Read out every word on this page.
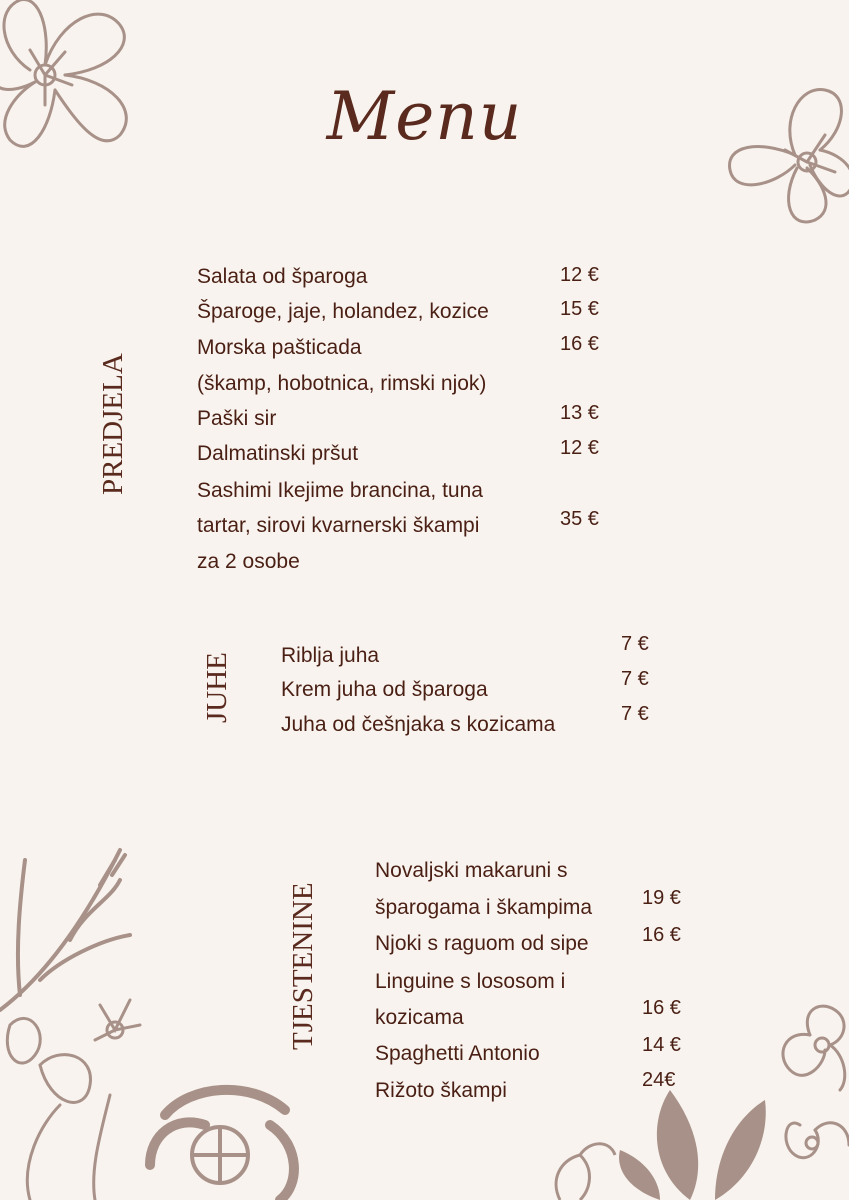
Menu
PREDJELA
Salata od šparoga	12 €
Šparoge, jaje, holandez, kozice	15 €
Morska pašticada
(škamp, hobotnica, rimski njok)
16 €
Paški sir	13 €
Dalmatinski pršut	12 €
Sashimi Ikejime brancina, tuna
tartar, sirovi kvarnerski škampi
za 2 osobe
35 €
JUHE Riblja juha	7 €
Krem juha od šparoga	7 €
Juha od češnjaka s kozicama	7 €
TJESTENINE
Novaljski makaruni s
šparogama i škampima 19 €
Njoki s raguom od sipe	16 €
Linguine s lososom i
kozicama	16 €
Spaghetti Antonio	14 €
Rižoto škampi	24€
